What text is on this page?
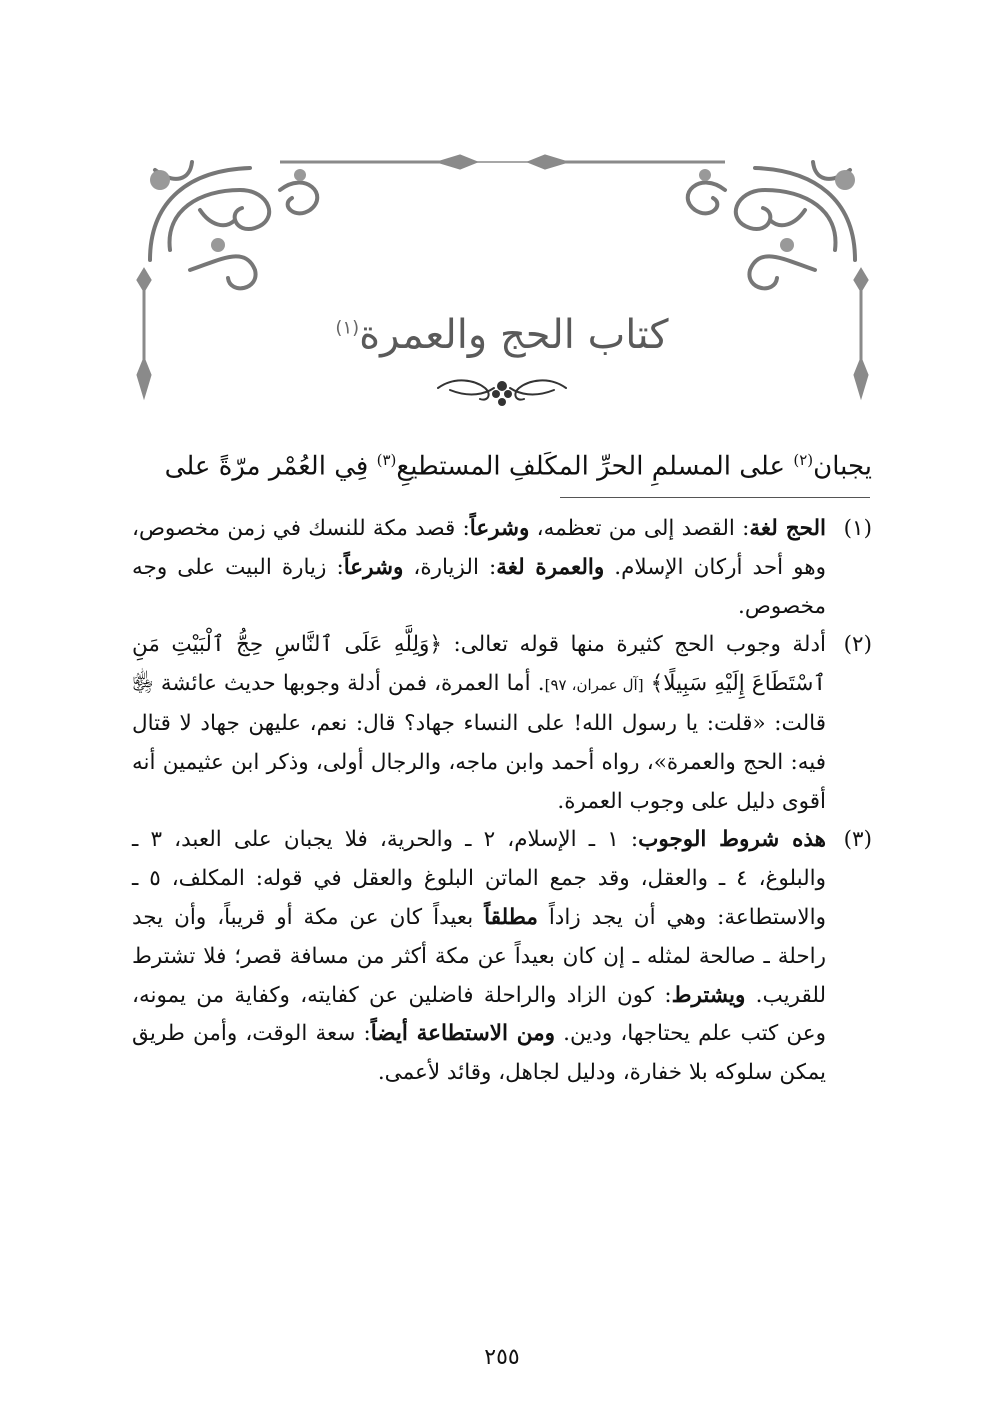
كتاب الحج والعمرة$^{(١)}$
يجبان$^{(٢)}$ على المسلمِ الحرِّ المكَلفِ المستطيعِ$^{(٣)}$ فِي العُمْر مرّةً على
(١)
الحج لغة: القصد إلى من تعظمه، وشرعاً: قصد مكة للنسك في زمن مخصوص، وهو أحد أركان الإسلام. والعمرة لغة: الزيارة، وشرعاً: زيارة البيت على وجه مخصوص.
(٢)
أدلة وجوب الحج كثيرة منها قوله تعالى: ﴿وَلِلَّهِ عَلَى ٱلنَّاسِ حِجُّ ٱلْبَيْتِ مَنِ ٱسْتَطَاعَ إِلَيْهِ سَبِيلًا﴾ [آل عمران، ٩٧]. أما العمرة، فمن أدلة وجوبها حديث عائشة ﵂ قالت: «قلت: يا رسول الله! على النساء جهاد؟ قال: نعم، عليهن جهاد لا قتال فيه: الحج والعمرة»، رواه أحمد وابن ماجه، والرجال أولى، وذكر ابن عثيمين أنه أقوى دليل على وجوب العمرة.
(٣)
هذه شروط الوجوب: ١ ـ الإسلام، ٢ ـ والحرية، فلا يجبان على العبد، ٣ ـ والبلوغ، ٤ ـ والعقل، وقد جمع الماتن البلوغ والعقل في قوله: المكلف، ٥ ـ والاستطاعة: وهي أن يجد زاداً مطلقاً بعيداً كان عن مكة أو قريباً، وأن يجد راحلة ـ صالحة لمثله ـ إن كان بعيداً عن مكة أكثر من مسافة قصر؛ فلا تشترط للقريب. ويشترط: كون الزاد والراحلة فاضلين عن كفايته، وكفاية من يمونه، وعن كتب علم يحتاجها، ودين. ومن الاستطاعة أيضاً: سعة الوقت، وأمن طريق يمكن سلوكه بلا خفارة، ودليل لجاهل، وقائد لأعمى.
٢٥٥
